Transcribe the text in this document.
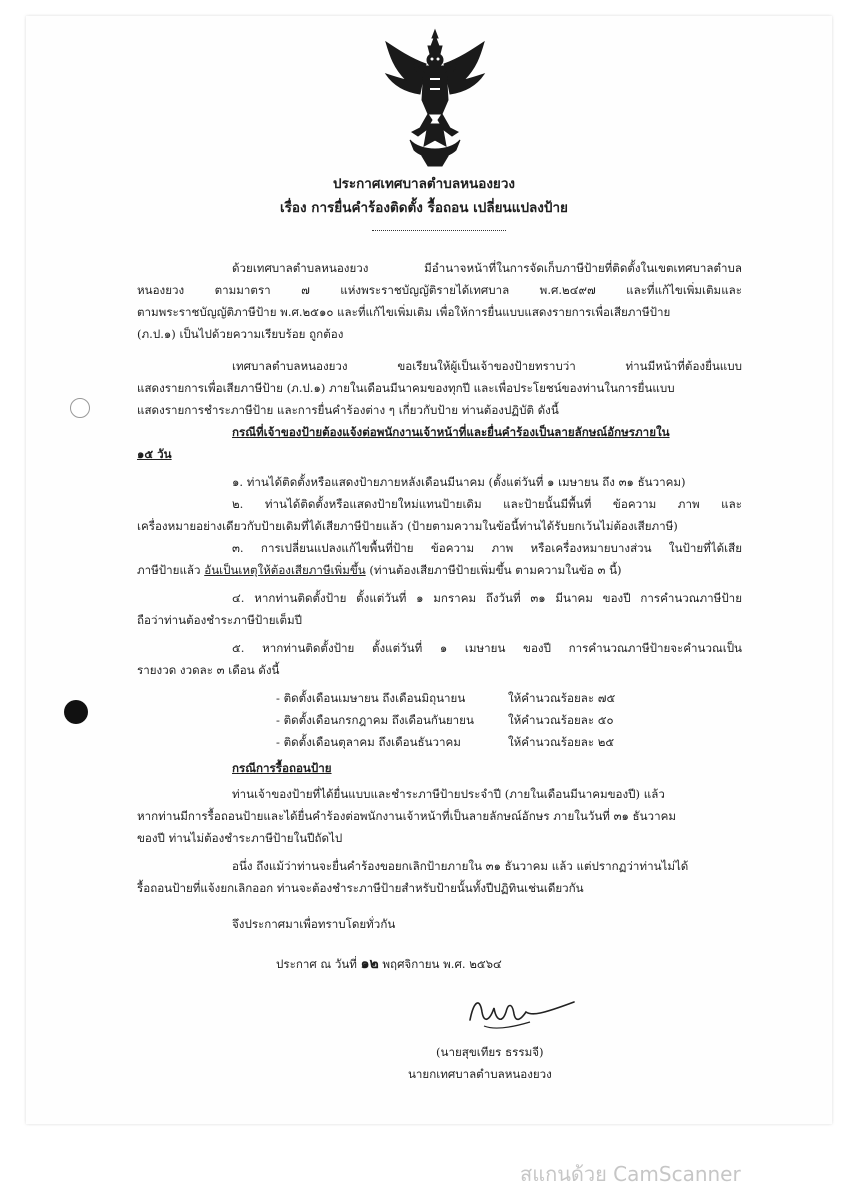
ประกาศเทศบาลตำบลหนองยวง

เรื่อง การยื่นคำร้องติดตั้ง รื้อถอน เปลี่ยนแปลงป้าย

ด้วยเทศบาลตำบลหนองยวง มีอำนาจหน้าที่ในการจัดเก็บภาษีป้ายที่ติดตั้งในเขตเทศบาลตำบล

หนองยวง ตามมาตรา ๗ แห่งพระราชบัญญัติรายได้เทศบาล พ.ศ.๒๔๙๗ และที่แก้ไขเพิ่มเติมและ

ตามพระราชบัญญัติภาษีป้าย พ.ศ.๒๕๑๐ และที่แก้ไขเพิ่มเติม เพื่อให้การยื่นแบบแสดงรายการเพื่อเสียภาษีป้าย

(ภ.ป.๑) เป็นไปด้วยความเรียบร้อย ถูกต้อง

เทศบาลตำบลหนองยวง ขอเรียนให้ผู้เป็นเจ้าของป้ายทราบว่า ท่านมีหน้าที่ต้องยื่นแบบ

แสดงรายการเพื่อเสียภาษีป้าย (ภ.ป.๑) ภายในเดือนมีนาคมของทุกปี และเพื่อประโยชน์ของท่านในการยื่นแบบ

แสดงรายการชำระภาษีป้าย และการยื่นคำร้องต่าง ๆ เกี่ยวกับป้าย ท่านต้องปฏิบัติ ดังนี้

กรณีที่เจ้าของป้ายต้องแจ้งต่อพนักงานเจ้าหน้าที่และยื่นคำร้องเป็นลายลักษณ์อักษรภายใน

๑๕ วัน

๑. ท่านได้ติดตั้งหรือแสดงป้ายภายหลังเดือนมีนาคม (ตั้งแต่วันที่ ๑ เมษายน ถึง ๓๑ ธันวาคม)

๒. ท่านได้ติดตั้งหรือแสดงป้ายใหม่แทนป้ายเดิม และป้ายนั้นมีพื้นที่ ข้อความ ภาพ และ

เครื่องหมายอย่างเดียวกับป้ายเดิมที่ได้เสียภาษีป้ายแล้ว (ป้ายตามความในข้อนี้ท่านได้รับยกเว้นไม่ต้องเสียภาษี)

๓. การเปลี่ยนแปลงแก้ไขพื้นที่ป้าย ข้อความ ภาพ หรือเครื่องหมายบางส่วน ในป้ายที่ได้เสีย

ภาษีป้ายแล้ว อันเป็นเหตุให้ต้องเสียภาษีเพิ่มขึ้น (ท่านต้องเสียภาษีป้ายเพิ่มขึ้น ตามความในข้อ ๓ นี้)

๔. หากท่านติดตั้งป้าย ตั้งแต่วันที่ ๑ มกราคม ถึงวันที่ ๓๑ มีนาคม ของปี การคำนวณภาษีป้าย

ถือว่าท่านต้องชำระภาษีป้ายเต็มปี

๕. หากท่านติดตั้งป้าย ตั้งแต่วันที่ ๑ เมษายน ของปี การคำนวณภาษีป้ายจะคำนวณเป็น

รายงวด งวดละ ๓ เดือน ดังนี้

- ติดตั้งเดือนเมษายน ถึงเดือนมิถุนายน	ให้คำนวณร้อยละ ๗๕

- ติดตั้งเดือนกรกฎาคม ถึงเดือนกันยายน	ให้คำนวณร้อยละ ๕๐

- ติดตั้งเดือนตุลาคม ถึงเดือนธันวาคม	ให้คำนวณร้อยละ ๒๕

กรณีการรื้อถอนป้าย

ท่านเจ้าของป้ายที่ได้ยื่นแบบและชำระภาษีป้ายประจำปี (ภายในเดือนมีนาคมของปี) แล้ว

หากท่านมีการรื้อถอนป้ายและได้ยื่นคำร้องต่อพนักงานเจ้าหน้าที่เป็นลายลักษณ์อักษร ภายในวันที่ ๓๑ ธันวาคม

ของปี ท่านไม่ต้องชำระภาษีป้ายในปีถัดไป

อนึ่ง ถึงแม้ว่าท่านจะยื่นคำร้องขอยกเลิกป้ายภายใน ๓๑ ธันวาคม แล้ว แต่ปรากฏว่าท่านไม่ได้

รื้อถอนป้ายที่แจ้งยกเลิกออก ท่านจะต้องชำระภาษีป้ายสำหรับป้ายนั้นทั้งปีปฏิทินเช่นเดียวกัน

จึงประกาศมาเพื่อทราบโดยทั่วกัน

ประกาศ ณ วันที่ ๑๒ พฤศจิกายน พ.ศ. ๒๕๖๔

(นายสุขเทียร ธรรมจี)

นายกเทศบาลตำบลหนองยวง

สแกนด้วย CamScanner
